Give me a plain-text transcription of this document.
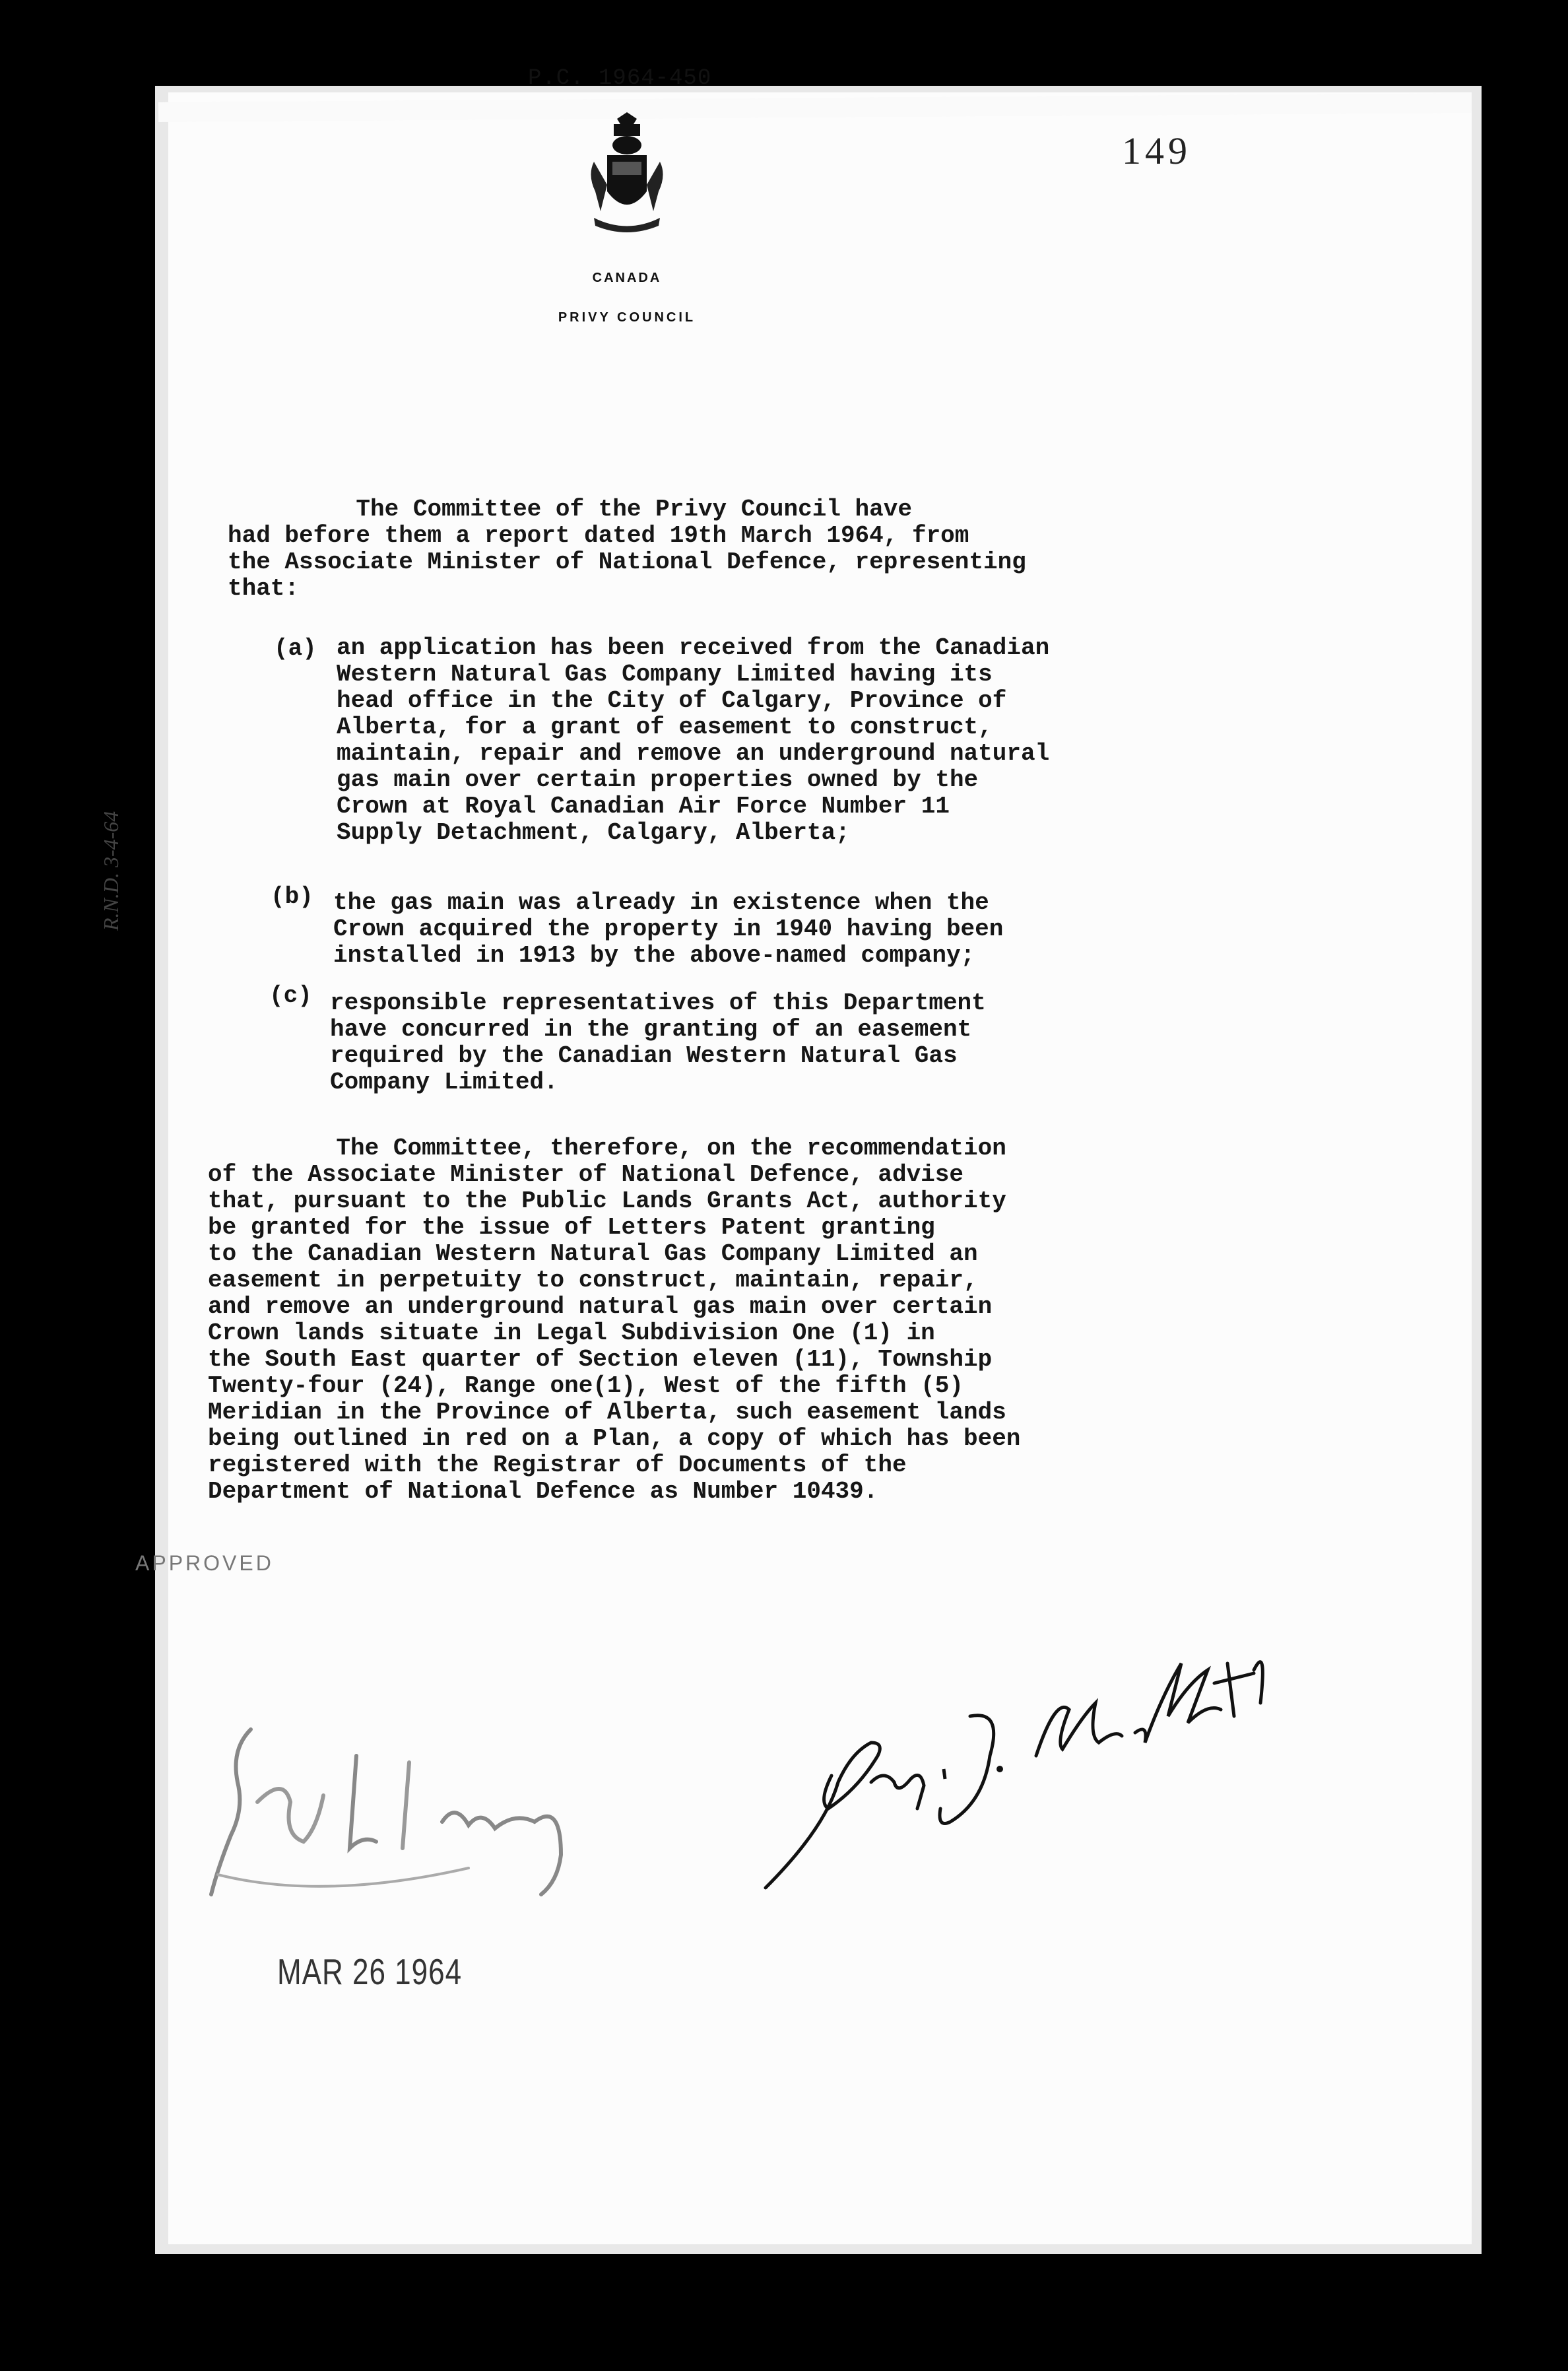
P.C. 1964-450
149
CANADA
PRIVY COUNCIL
The Committee of the Privy Council have
had before them a report dated 19th March 1964, from
the Associate Minister of National Defence, representing
that:
(a) an application has been received from the Canadian
Western Natural Gas Company Limited having its
head office in the City of Calgary, Province of
Alberta, for a grant of easement to construct,
maintain, repair and remove an underground natural
gas main over certain properties owned by the
Crown at Royal Canadian Air Force Number 11
Supply Detachment, Calgary, Alberta;
(b) the gas main was already in existence when the
Crown acquired the property in 1940 having been
installed in 1913 by the above-named company;
(c) responsible representatives of this Department
have concurred in the granting of an easement
required by the Canadian Western Natural Gas
Company Limited.
The Committee, therefore, on the recommendation
of the Associate Minister of National Defence, advise
that, pursuant to the Public Lands Grants Act, authority
be granted for the issue of Letters Patent granting
to the Canadian Western Natural Gas Company Limited an
easement in perpetuity to construct, maintain, repair,
and remove an underground natural gas main over certain
Crown lands situate in Legal Subdivision One (1) in
the South East quarter of Section eleven (11), Township
Twenty-four (24), Range one(1), West of the fifth (5)
Meridian in the Province of Alberta, such easement lands
being outlined in red on a Plan, a copy of which has been
registered with the Registrar of Documents of the
Department of National Defence as Number 10439.
R.N.D. 3-4-64
APPROVED
MAR 26 1964
